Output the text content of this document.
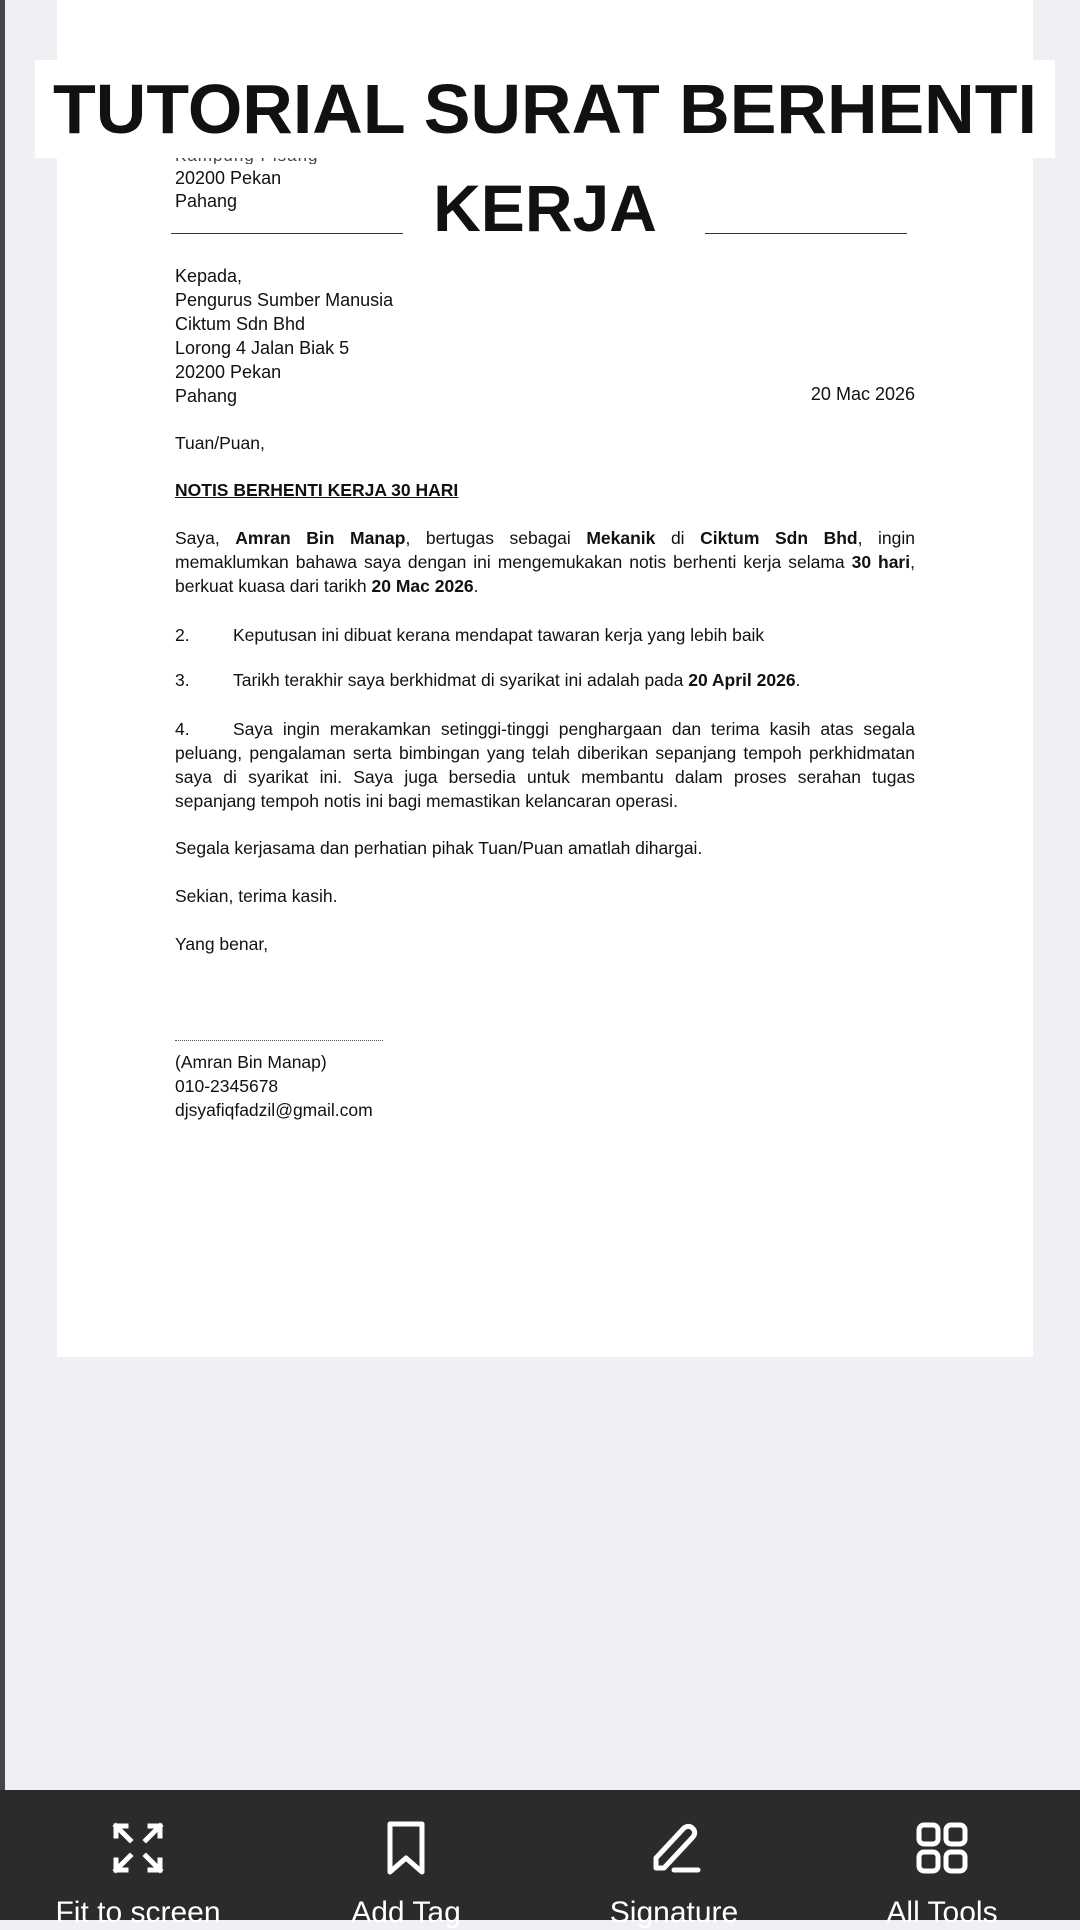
20200 Pekan
Pahang
TUTORIAL SURAT BERHENTI
KERJA
Kepada,
Pengurus Sumber Manusia
Ciktum Sdn Bhd
Lorong 4 Jalan Biak 5
20200 Pekan
Pahang	20 Mac 2026
Tuan/Puan,
NOTIS BERHENTI KERJA 30 HARI
Saya, Amran Bin Manap, bertugas sebagai Mekanik di Ciktum Sdn Bhd, ingin memaklumkan bahawa saya dengan ini mengemukakan notis berhenti kerja selama 30 hari, berkuat kuasa dari tarikh 20 Mac 2026.
2.	Keputusan ini dibuat kerana mendapat tawaran kerja yang lebih baik
3.	Tarikh terakhir saya berkhidmat di syarikat ini adalah pada 20 April 2026.
4. Saya ingin merakamkan setinggi-tinggi penghargaan dan terima kasih atas segala peluang, pengalaman serta bimbingan yang telah diberikan sepanjang tempoh perkhidmatan saya di syarikat ini. Saya juga bersedia untuk membantu dalam proses serahan tugas sepanjang tempoh notis ini bagi memastikan kelancaran operasi.
Segala kerjasama dan perhatian pihak Tuan/Puan amatlah dihargai.
Sekian, terima kasih.
Yang benar,
(Amran Bin Manap)
010-2345678
djsyafiqfadzil@gmail.com
Fit to screen	Add Tag	Signature	All Tools
